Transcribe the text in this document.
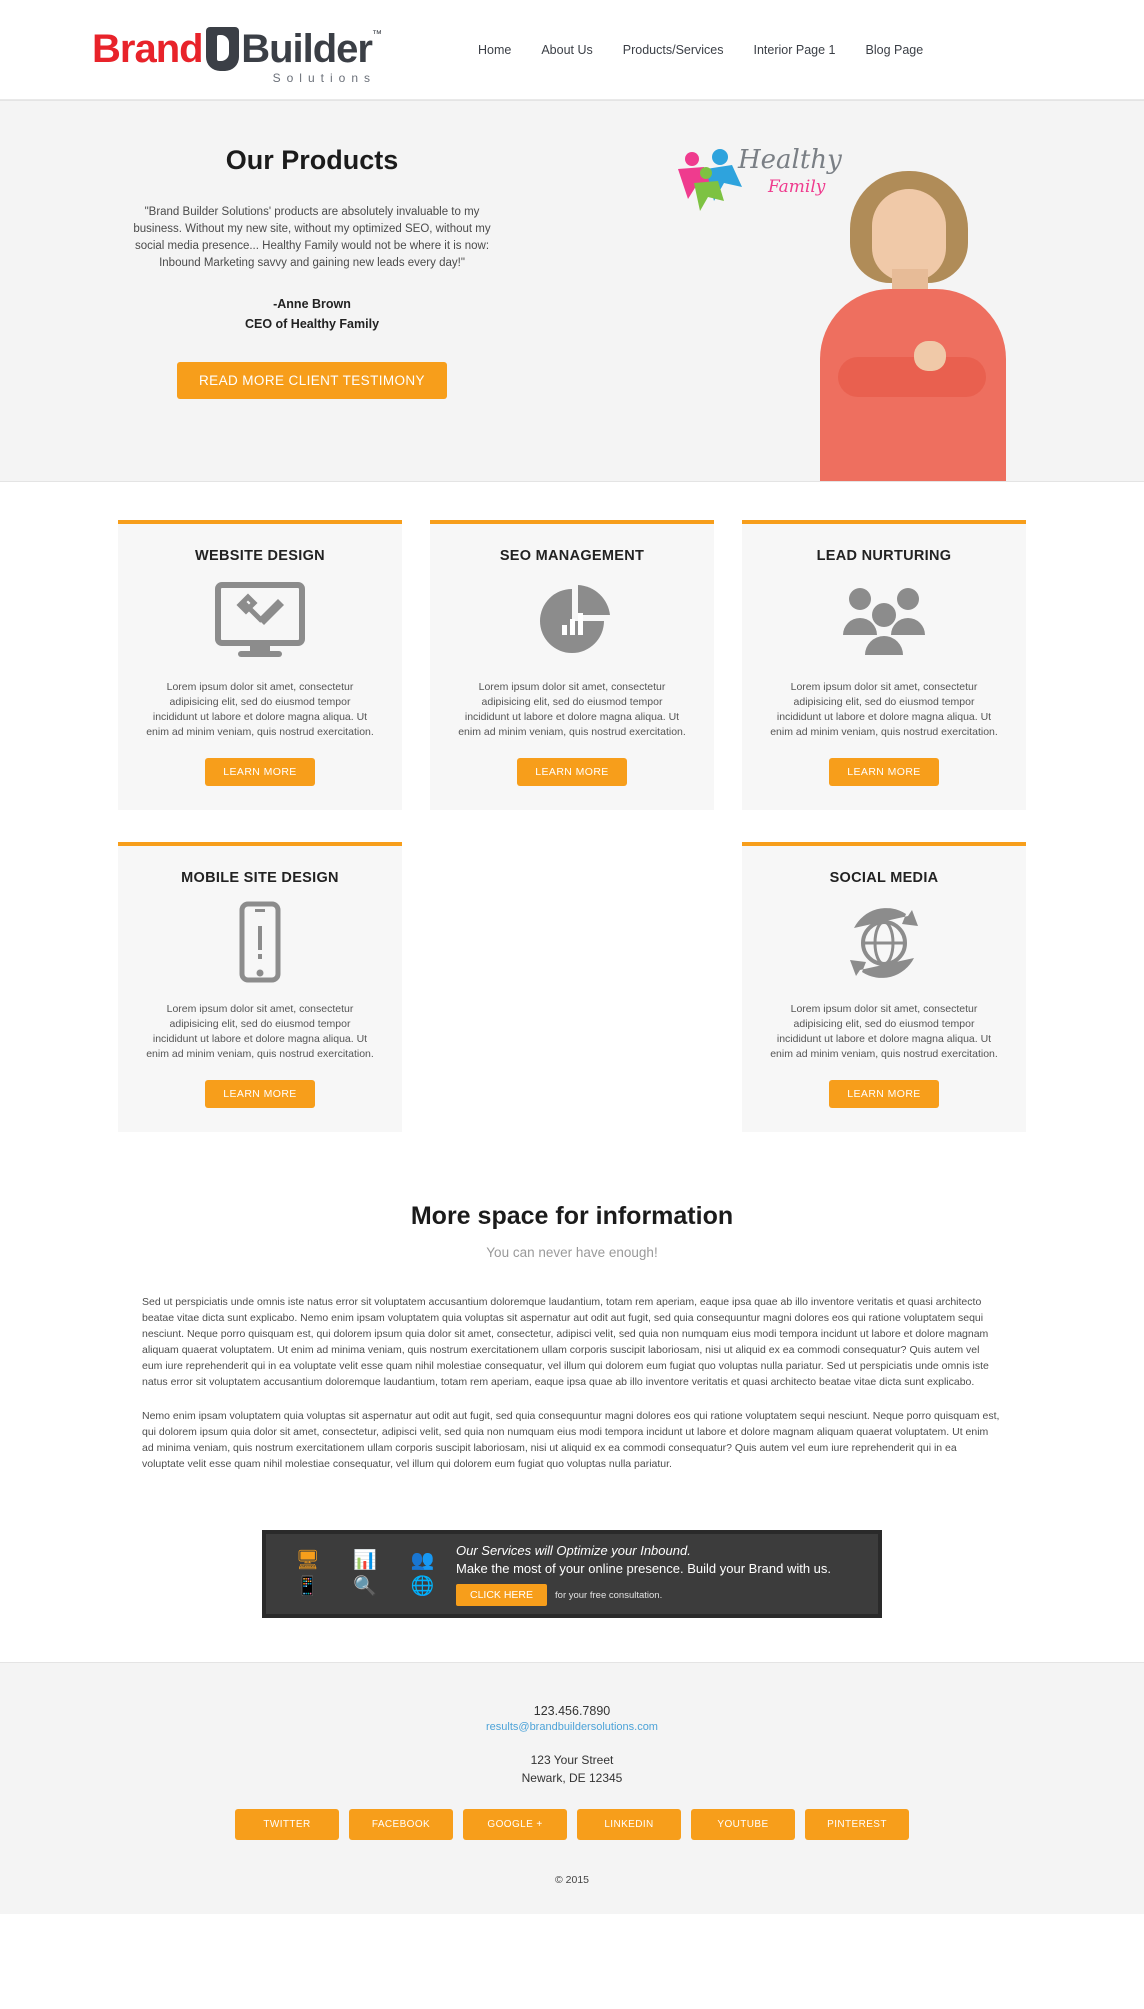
Brand Builder ™
Solutions
Home About Us Products/Services Interior Page 1 Blog Page
Our Products
"Brand Builder Solutions' products are absolutely invaluable to my business. Without my new site, without my optimized SEO, without my social media presence... Healthy Family would not be where it is now: Inbound Marketing savvy and gaining new leads every day!"
-Anne Brown
CEO of Healthy Family
READ MORE CLIENT TESTIMONY
Healthy
Family
WEBSITE DESIGN
Lorem ipsum dolor sit amet, consectetur adipisicing elit, sed do eiusmod tempor incididunt ut labore et dolore magna aliqua. Ut enim ad minim veniam, quis nostrud exercitation.
LEARN MORE
SEO MANAGEMENT
Lorem ipsum dolor sit amet, consectetur adipisicing elit, sed do eiusmod tempor incididunt ut labore et dolore magna aliqua. Ut enim ad minim veniam, quis nostrud exercitation.
LEARN MORE
LEAD NURTURING
Lorem ipsum dolor sit amet, consectetur adipisicing elit, sed do eiusmod tempor incididunt ut labore et dolore magna aliqua. Ut enim ad minim veniam, quis nostrud exercitation.
LEARN MORE
MOBILE SITE DESIGN
Lorem ipsum dolor sit amet, consectetur adipisicing elit, sed do eiusmod tempor incididunt ut labore et dolore magna aliqua. Ut enim ad minim veniam, quis nostrud exercitation.
LEARN MORE
SOCIAL MEDIA
Lorem ipsum dolor sit amet, consectetur adipisicing elit, sed do eiusmod tempor incididunt ut labore et dolore magna aliqua. Ut enim ad minim veniam, quis nostrud exercitation.
LEARN MORE
More space for information
You can never have enough!

Sed ut perspiciatis unde omnis iste natus error sit voluptatem accusantium doloremque laudantium, totam rem aperiam, eaque ipsa quae ab illo inventore veritatis et quasi architecto beatae vitae dicta sunt explicabo. Nemo enim ipsam voluptatem quia voluptas sit aspernatur aut odit aut fugit, sed quia consequuntur magni dolores eos qui ratione voluptatem sequi nesciunt. Neque porro quisquam est, qui dolorem ipsum quia dolor sit amet, consectetur, adipisci velit, sed quia non numquam eius modi tempora incidunt ut labore et dolore magnam aliquam quaerat voluptatem. Ut enim ad minima veniam, quis nostrum exercitationem ullam corporis suscipit laboriosam, nisi ut aliquid ex ea commodi consequatur? Quis autem vel eum iure reprehenderit qui in ea voluptate velit esse quam nihil molestiae consequatur, vel illum qui dolorem eum fugiat quo voluptas nulla pariatur. Sed ut perspiciatis unde omnis iste natus error sit voluptatem accusantium doloremque laudantium, totam rem aperiam, eaque ipsa quae ab illo inventore veritatis et quasi architecto beatae vitae dicta sunt explicabo.

Nemo enim ipsam voluptatem quia voluptas sit aspernatur aut odit aut fugit, sed quia consequuntur magni dolores eos qui ratione voluptatem sequi nesciunt. Neque porro quisquam est, qui dolorem ipsum quia dolor sit amet, consectetur, adipisci velit, sed quia non numquam eius modi tempora incidunt ut labore et dolore magnam aliquam quaerat voluptatem. Ut enim ad minima veniam, quis nostrum exercitationem ullam corporis suscipit laboriosam, nisi ut aliquid ex ea commodi consequatur? Quis autem vel eum iure reprehenderit qui in ea voluptate velit esse quam nihil molestiae consequatur, vel illum qui dolorem eum fugiat quo voluptas nulla pariatur.

🖥	📊	👥
📱	🔍	🌐
Our Services will Optimize your Inbound.
Make the most of your online presence. Build your Brand with us.
CLICK HERE	for your free consultation.
123.456.7890
results@brandbuildersolutions.com
123 Your Street
Newark, DE 12345
TWITTER	FACEBOOK	GOOGLE +	LINKEDIN	YOUTUBE	PINTEREST
© 2015
